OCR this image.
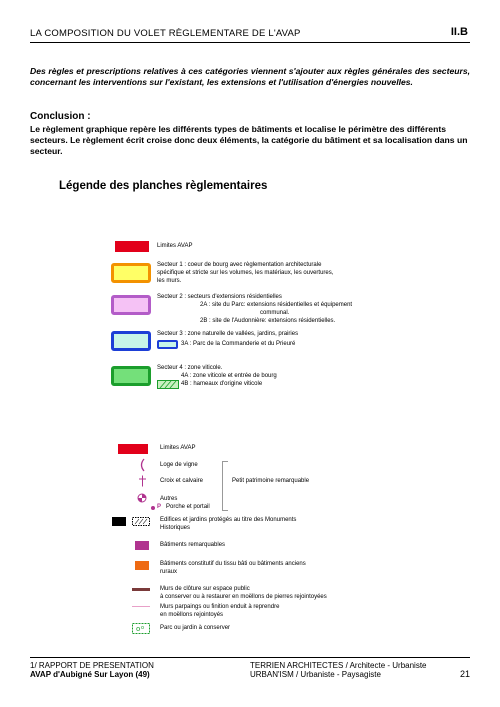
LA COMPOSITION DU VOLET RÈGLEMENTARE DE L'AVAP	II.B
Des règles et prescriptions relatives à ces catégories viennent s'ajouter aux règles générales des secteurs, concernant les interventions sur l'existant, les extensions et l'utilisation d'énergies nouvelles.
Conclusion :
Le règlement graphique repère les différents types de bâtiments et localise le périmètre des différents secteurs. Le règlement écrit croise donc deux éléments, la catégorie du bâtiment et sa localisation dans un secteur.
Légende des planches règlementaires
Limites AVAP
Secteur 1 : coeur de bourg avec règlementation architecturale
spécifique et stricte sur les volumes, les matériaux, les ouvertures,
les murs.
Secteur 2 : secteurs d'extensions résidentielles
2A : site du Parc: extensions résidentielles et équipement
communal.
2B : site de l'Audonnière: extensions résidentielles.
Secteur 3 : zone naturelle de vallées, jardins, prairies
3A : Parc de la Commanderie et du Prieuré
Secteur 4 : zone viticole.
4A : zone viticole et entrée de bourg
4B : hameaux d'origine viticole
Limites AVAP
Loge de vigne
Croix et calvaire	Petit patrimoine remarquable
Autres
P Porche et portail
Edifices et jardins protégés au titre des Monuments
Historiques
Bâtiments remarquables
Bâtiments constitutif du tissu bâti ou bâtiments anciens
ruraux
Murs de clôture sur espace public
à conserver ou à restaurer en moëllons de pierres rejointoyées
Murs parpaings ou finition enduit à reprendre
en moëllons rejointoyés
o o	Parc ou jardin à conserver
1/ RAPPORT DE PRESENTATION
AVAP d'Aubigné Sur Layon (49)
TERRIEN ARCHITECTES / Architecte - Urbaniste
URBAN'ISM / Urbaniste - Paysagiste	21
